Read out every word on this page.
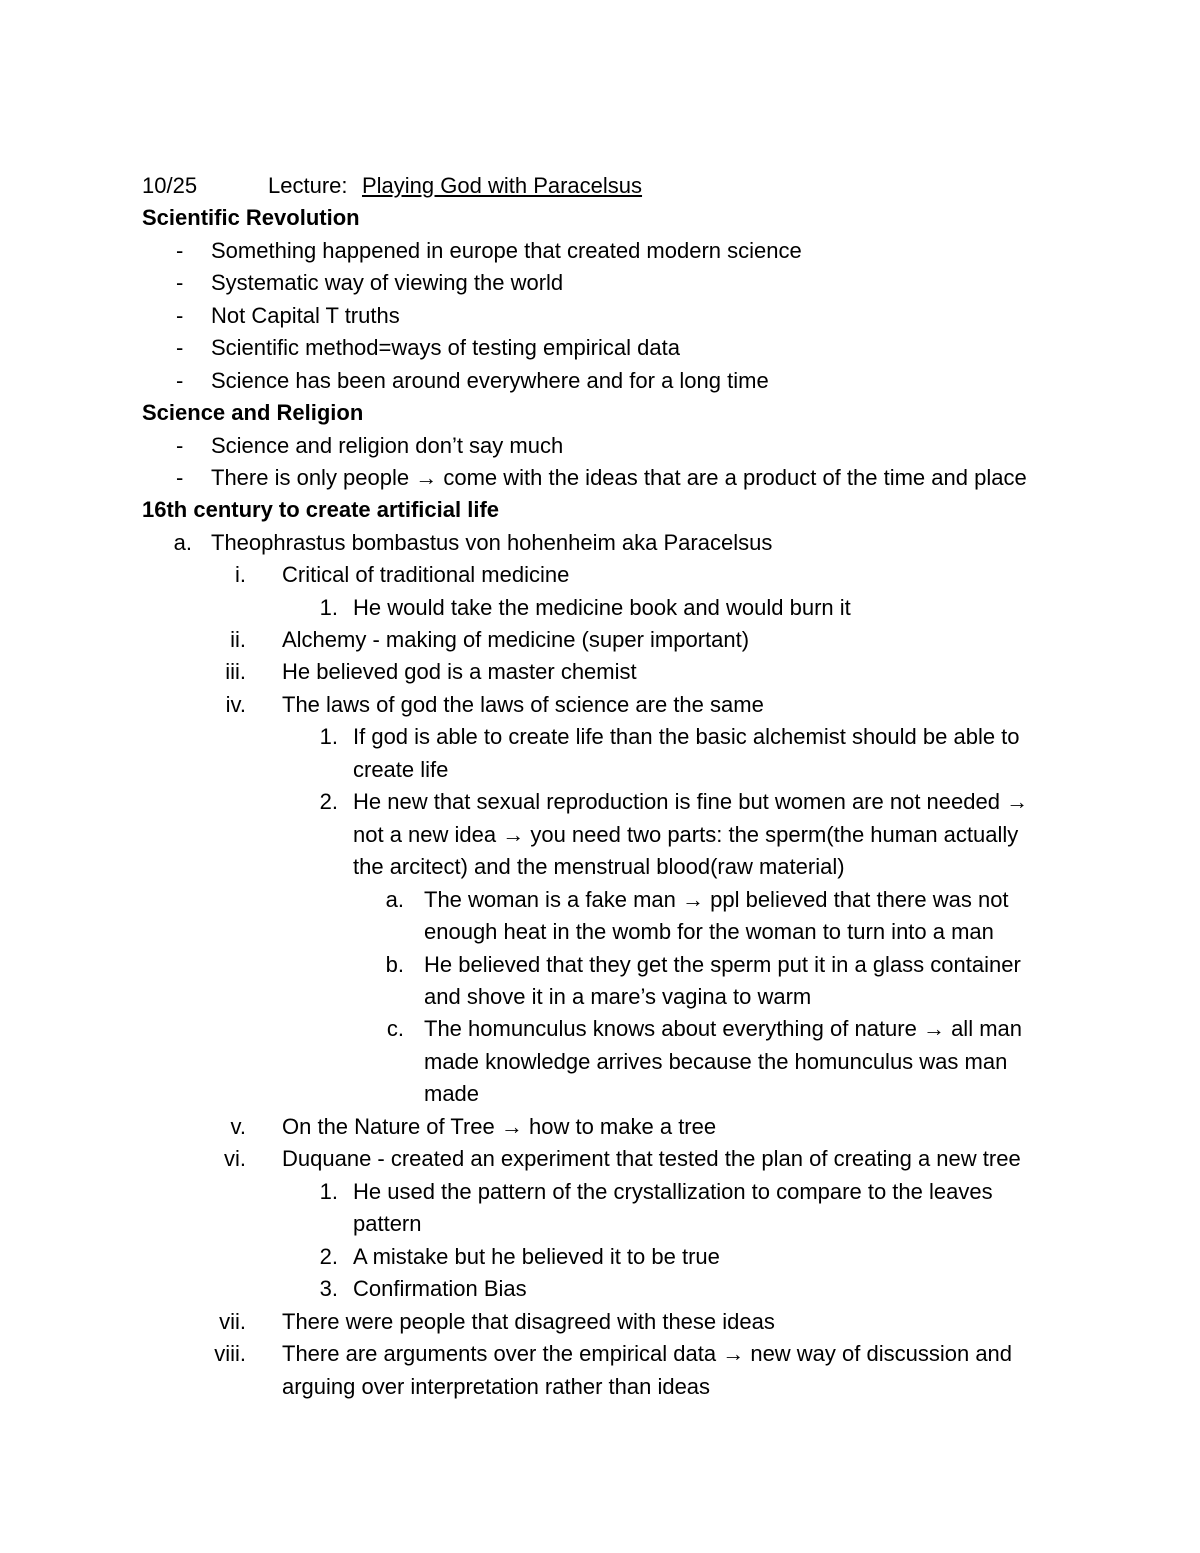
10/25	Lecture: Playing God with Paracelsus
Scientific Revolution
- Something happened in europe that created modern science
- Systematic way of viewing the world
- Not Capital T truths
- Scientific method=ways of testing empirical data
- Science has been around everywhere and for a long time
Science and Religion
- Science and religion don’t say much
- There is only people → come with the ideas that are a product of the time and place
16th century to create artificial life
a. Theophrastus bombastus von hohenheim aka Paracelsus
i. Critical of traditional medicine
1. He would take the medicine book and would burn it
ii. Alchemy - making of medicine (super important)
iii. He believed god is a master chemist
iv. The laws of god the laws of science are the same
1. If god is able to create life than the basic alchemist should be able to
create life
2. He new that sexual reproduction is fine but women are not needed →
not a new idea → you need two parts: the sperm(the human actually
the arcitect) and the menstrual blood(raw material)
a. The woman is a fake man → ppl believed that there was not
enough heat in the womb for the woman to turn into a man
b. He believed that they get the sperm put it in a glass container
and shove it in a mare’s vagina to warm
c. The homunculus knows about everything of nature → all man
made knowledge arrives because the homunculus was man
made
v. On the Nature of Tree → how to make a tree
vi. Duquane - created an experiment that tested the plan of creating a new tree
1. He used the pattern of the crystallization to compare to the leaves
pattern
2. A mistake but he believed it to be true
3. Confirmation Bias
vii. There were people that disagreed with these ideas
viii. There are arguments over the empirical data → new way of discussion and
arguing over interpretation rather than ideas
